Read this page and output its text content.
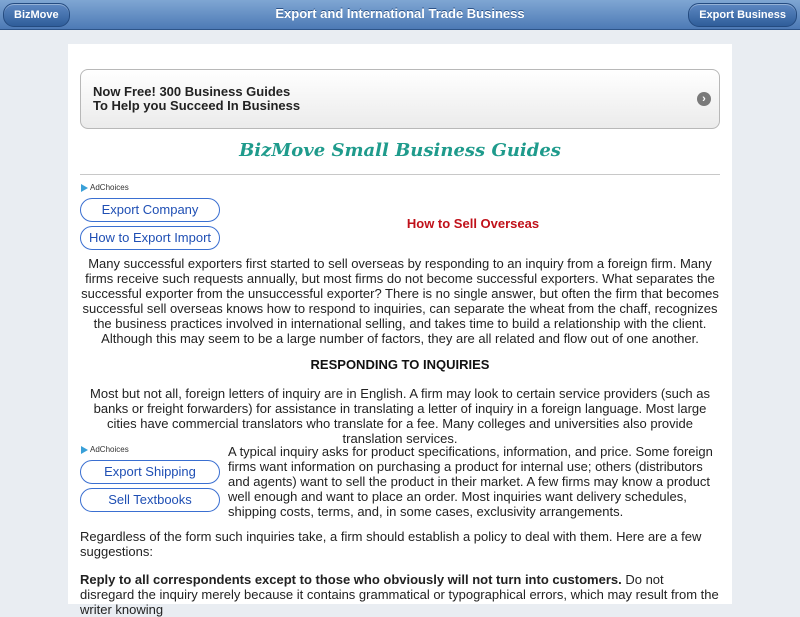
BizMove	Export and International Trade Business	Export Business
Now Free! 300 Business Guides
To Help you Succeed In Business	›
BizMove Small Business Guides
AdChoices
Export Company
How to Export Import
How to Sell Overseas
Many successful exporters first started to sell overseas by responding to an inquiry from a foreign firm. Many firms receive such requests annually, but most firms do not become successful exporters. What separates the successful exporter from the unsuccessful exporter? There is no single answer, but often the firm that becomes successful sell overseas knows how to respond to inquiries, can separate the wheat from the chaff, recognizes the business practices involved in international selling, and takes time to build a relationship with the client. Although this may seem to be a large number of factors, they are all related and flow out of one another.
RESPONDING TO INQUIRIES
Most but not all, foreign letters of inquiry are in English. A firm may look to certain service providers (such as banks or freight forwarders) for assistance in translating a letter of inquiry in a foreign language. Most large cities have commercial translators who translate for a fee. Many colleges and universities also provide translation services.
AdChoices
Export Shipping
Sell Textbooks
A typical inquiry asks for product specifications, information, and price. Some foreign firms want information on purchasing a product for internal use; others (distributors and agents) want to sell the product in their market. A few firms may know a product well enough and want to place an order. Most inquiries want delivery schedules, shipping costs, terms, and, in some cases, exclusivity arrangements.
Regardless of the form such inquiries take, a firm should establish a policy to deal with them. Here are a few suggestions:
Reply to all correspondents except to those who obviously will not turn into customers. Do not disregard the inquiry merely because it contains grammatical or typographical errors, which may result from the writer knowing
